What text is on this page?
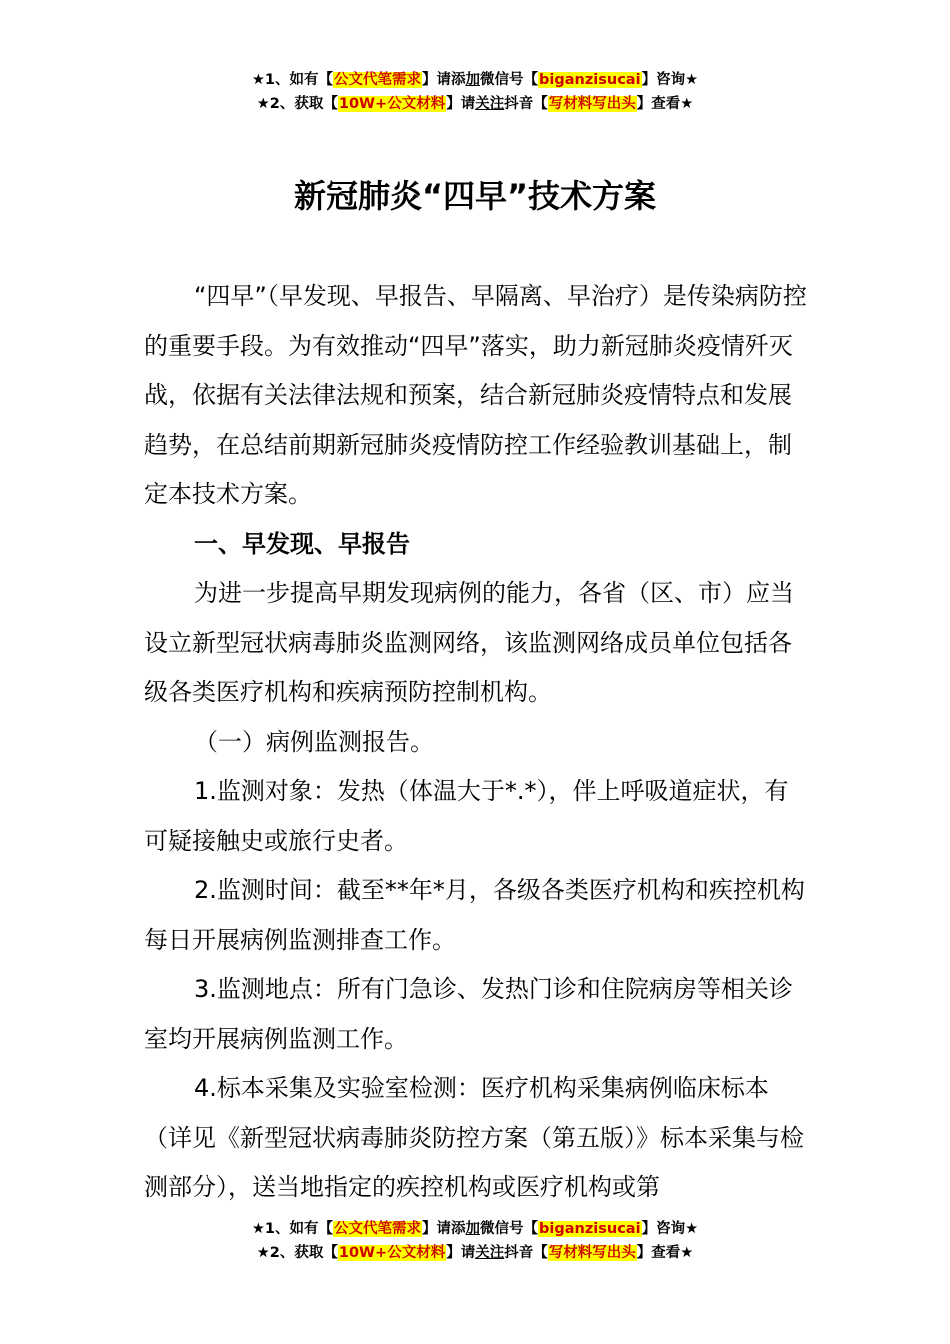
★1、如有【公文代笔需求】请添加微信号【biganzisucai】咨询★
★2、获取【10W+公文材料】请关注抖音【写材料写出头】查看★
新冠肺炎“四早”技术方案

“四早”（早发现、早报告、早隔离、早治疗）是传染病防控的重要手段。为有效推动“四早”落实，助力新冠肺炎疫情歼灭战，依据有关法律法规和预案，结合新冠肺炎疫情特点和发展趋势，在总结前期新冠肺炎疫情防控工作经验教训基础上，制定本技术方案。

一、早发现、早报告

为进一步提高早期发现病例的能力，各省（区、市）应当设立新型冠状病毒肺炎监测网络，该监测网络成员单位包括各级各类医疗机构和疾病预防控制机构。

（一）病例监测报告。

1.监测对象：发热（体温大于*.*），伴上呼吸道症状，有可疑接触史或旅行史者。

2.监测时间：截至**年*月，各级各类医疗机构和疾控机构每日开展病例监测排查工作。

3.监测地点：所有门急诊、发热门诊和住院病房等相关诊室均开展病例监测工作。

4.标本采集及实验室检测：医疗机构采集病例临床标本（详见《新型冠状病毒肺炎防控方案（第五版）》标本采集与检测部分），送当地指定的疾控机构或医疗机构或第

★1、如有【公文代笔需求】请添加微信号【biganzisucai】咨询★
★2、获取【10W+公文材料】请关注抖音【写材料写出头】查看★
